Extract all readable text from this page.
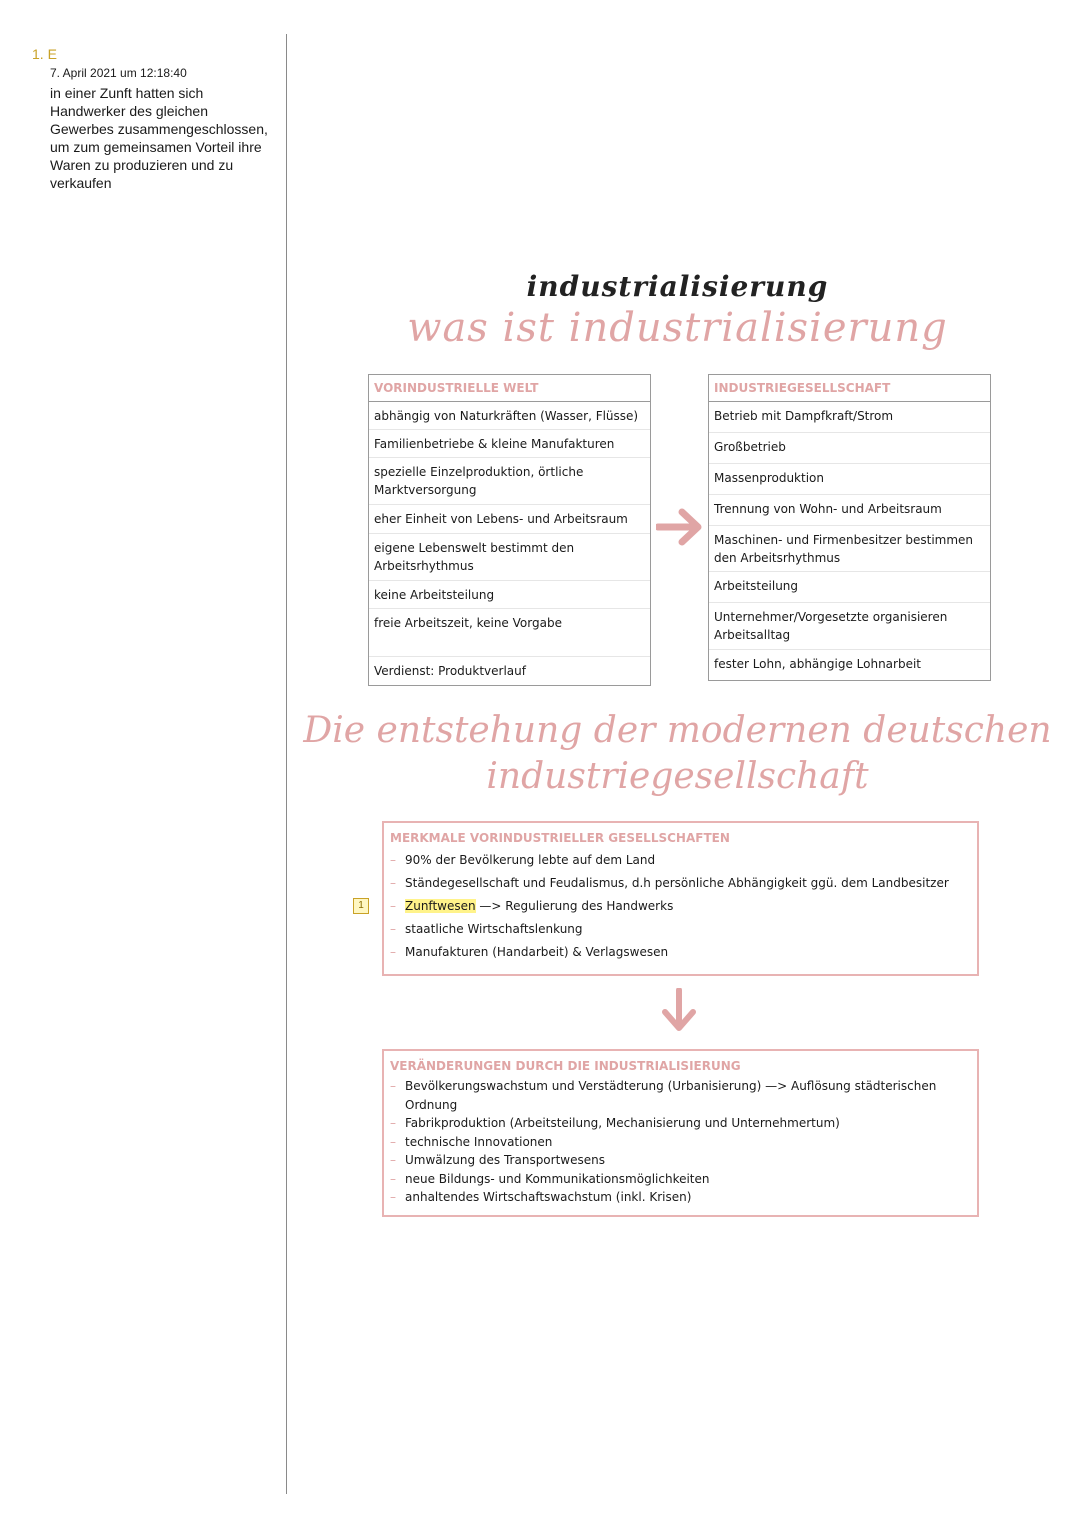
1. E

7. April 2021 um 12:18:40

in einer Zunft hatten sich Handwerker des gleichen Gewerbes zusammengeschlossen, um zum gemeinsamen Vorteil ihre Waren zu produzieren und zu verkaufen

industrialisierung
was ist industrialisierung
VORINDUSTRIELLE WELT
abhängig von Naturkräften (Wasser, Flüsse)
Familienbetriebe & kleine Manufakturen
spezielle Einzelproduktion, örtliche Marktversorgung
eher Einheit von Lebens- und Arbeitsraum
eigene Lebenswelt bestimmt den Arbeitsrhythmus
keine Arbeitsteilung
freie Arbeitszeit, keine Vorgabe
Verdienst: Produktverlauf
INDUSTRIEGESELLSCHAFT
Betrieb mit Dampfkraft/Strom
Großbetrieb
Massenproduktion
Trennung von Wohn- und Arbeitsraum
Maschinen- und Firmenbesitzer bestimmen den Arbeitsrhythmus
Arbeitsteilung
Unternehmer/Vorgesetzte organisieren Arbeitsalltag
fester Lohn, abhängige Lohnarbeit
Die entstehung der modernen deutschen industriegesellschaft
1
MERKMALE VORINDUSTRIELLER GESELLSCHAFTEN
– 90% der Bevölkerung lebte auf dem Land
– Ständegesellschaft und Feudalismus, d.h persönliche Abhängigkeit ggü. dem Landbesitzer
– Zunftwesen —> Regulierung des Handwerks
– staatliche Wirtschaftslenkung
– Manufakturen (Handarbeit) & Verlagswesen
VERÄNDERUNGEN DURCH DIE INDUSTRIALISIERUNG
– Bevölkerungswachstum und Verstädterung (Urbanisierung) —> Auflösung städterischen Ordnung
– Fabrikproduktion (Arbeitsteilung, Mechanisierung und Unternehmertum)
– technische Innovationen
– Umwälzung des Transportwesens
– neue Bildungs- und Kommunikationsmöglichkeiten
– anhaltendes Wirtschaftswachstum (inkl. Krisen)
